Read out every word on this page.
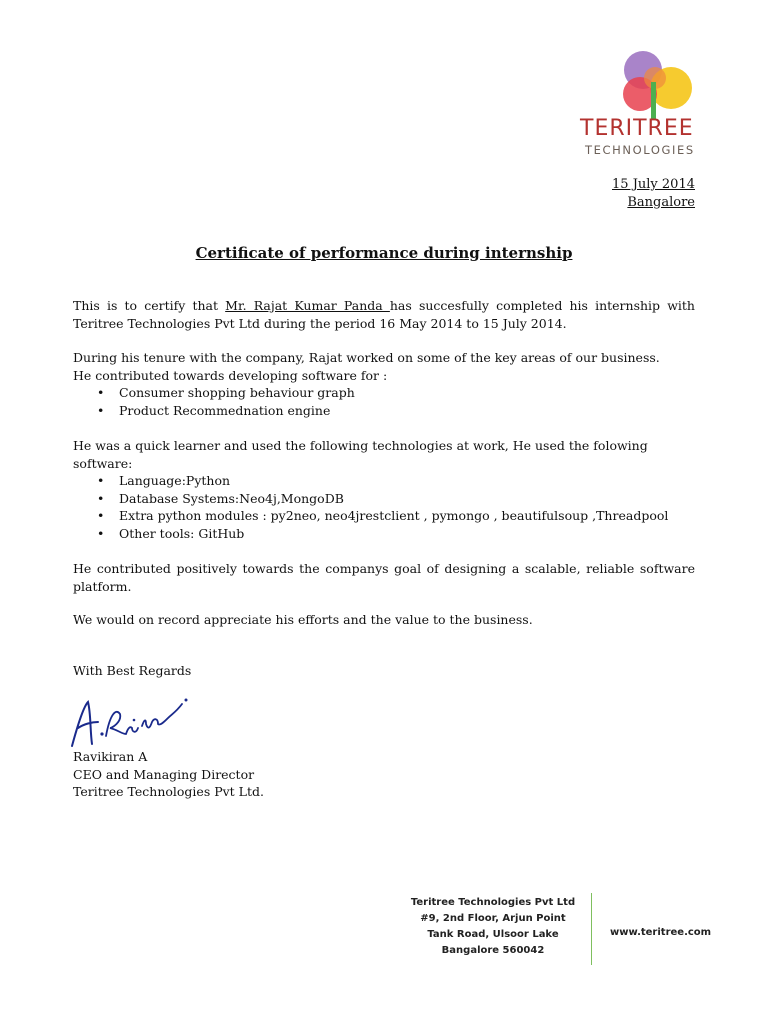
TERITREE
TECHNOLOGIES
15 July 2014
Bangalore
Certificate of performance during internship
This is to certify that Mr. Rajat Kumar Panda has succesfully completed his internship with Teritree Technologies Pvt Ltd during the period 16 May 2014 to 15 July 2014.

During his tenure with the company, Rajat worked on some of the key areas of our business.

He contributed towards developing software for :

• Consumer shopping behaviour graph
• Product Recommednation engine

He was a quick learner and used the following technologies at work, He used the folowing software:

• Language:Python
• Database Systems:Neo4j,MongoDB
• Extra python modules : py2neo, neo4jrestclient , pymongo , beautifulsoup ,Threadpool
• Other tools: GitHub
He contributed positively towards the companys goal of designing a scalable, reliable software platform.
We would on record appreciate his efforts and the value to the business.
With Best Regards

Ravikiran A

CEO and Managing Director

Teritree Technologies Pvt Ltd.

Teritree Technologies Pvt Ltd
#9, 2nd Floor, Arjun Point
Tank Road, Ulsoor Lake
Bangalore 560042
www.teritree.com
